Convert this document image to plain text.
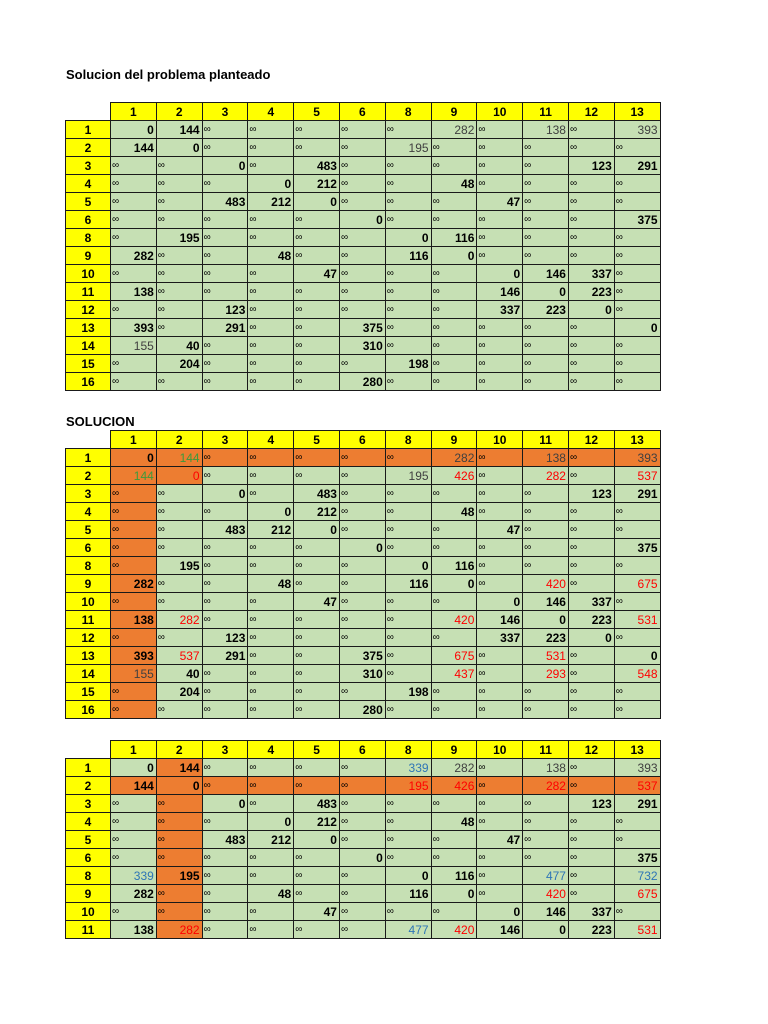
Solucion del problema planteado
	1	2	3	4	5	6	8	9	10	11	12	13
1	0	144	∞	∞	∞	∞	∞	282	∞	138	∞	393
2	144	0	∞	∞	∞	∞	195	∞	∞	∞	∞	∞
3	∞	∞	0	∞	483	∞	∞	∞	∞	∞	123	291
4	∞	∞	∞	0	212	∞	∞	48	∞	∞	∞	∞
5	∞	∞	483	212	0	∞	∞	∞	47	∞	∞	∞
6	∞	∞	∞	∞	∞	0	∞	∞	∞	∞	∞	375
8	∞	195	∞	∞	∞	∞	0	116	∞	∞	∞	∞
9	282	∞	∞	48	∞	∞	116	0	∞	∞	∞	∞
10	∞	∞	∞	∞	47	∞	∞	∞	0	146	337	∞
11	138	∞	∞	∞	∞	∞	∞	∞	146	0	223	∞
12	∞	∞	123	∞	∞	∞	∞	∞	337	223	0	∞
13	393	∞	291	∞	∞	375	∞	∞	∞	∞	∞	0
14	155	40	∞	∞	∞	310	∞	∞	∞	∞	∞	∞
15	∞	204	∞	∞	∞	∞	198	∞	∞	∞	∞	∞
16	∞	∞	∞	∞	∞	280	∞	∞	∞	∞	∞	∞
SOLUCION
	1	2	3	4	5	6	8	9	10	11	12	13
1	0	144	∞	∞	∞	∞	∞	282	∞	138	∞	393
2	144	0	∞	∞	∞	∞	195	426	∞	282	∞	537
3	∞	∞	0	∞	483	∞	∞	∞	∞	∞	123	291
4	∞	∞	∞	0	212	∞	∞	48	∞	∞	∞	∞
5	∞	∞	483	212	0	∞	∞	∞	47	∞	∞	∞
6	∞	∞	∞	∞	∞	0	∞	∞	∞	∞	∞	375
8	∞	195	∞	∞	∞	∞	0	116	∞	∞	∞	∞
9	282	∞	∞	48	∞	∞	116	0	∞	420	∞	675
10	∞	∞	∞	∞	47	∞	∞	∞	0	146	337	∞
11	138	282	∞	∞	∞	∞	∞	420	146	0	223	531
12	∞	∞	123	∞	∞	∞	∞	∞	337	223	0	∞
13	393	537	291	∞	∞	375	∞	675	∞	531	∞	0
14	155	40	∞	∞	∞	310	∞	437	∞	293	∞	548
15	∞	204	∞	∞	∞	∞	198	∞	∞	∞	∞	∞
16	∞	∞	∞	∞	∞	280	∞	∞	∞	∞	∞	∞
	1	2	3	4	5	6	8	9	10	11	12	13
1	0	144	∞	∞	∞	∞	339	282	∞	138	∞	393
2	144	0	∞	∞	∞	∞	195	426	∞	282	∞	537
3	∞	∞	0	∞	483	∞	∞	∞	∞	∞	123	291
4	∞	∞	∞	0	212	∞	∞	48	∞	∞	∞	∞
5	∞	∞	483	212	0	∞	∞	∞	47	∞	∞	∞
6	∞	∞	∞	∞	∞	0	∞	∞	∞	∞	∞	375
8	339	195	∞	∞	∞	∞	0	116	∞	477	∞	732
9	282	∞	∞	48	∞	∞	116	0	∞	420	∞	675
10	∞	∞	∞	∞	47	∞	∞	∞	0	146	337	∞
11	138	282	∞	∞	∞	∞	477	420	146	0	223	531
